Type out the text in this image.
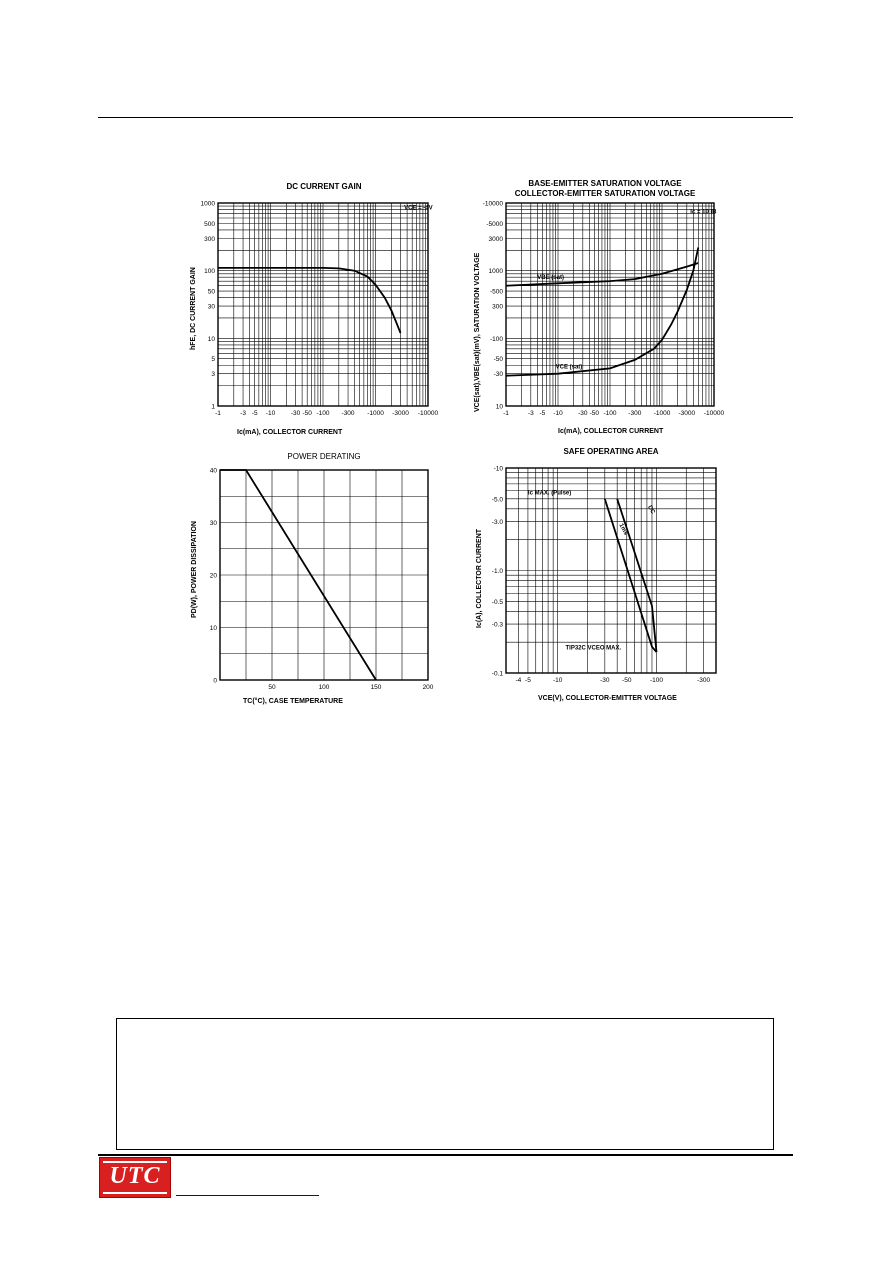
DC CURRENT GAIN
-1	-3 -5 -10 -30 -50 -100 -300 -1000 -3000 -10000
1000
500
300
100
50
30
10
5
3
1
VCE = -4V
hFE, DC CURRENT GAIN
Ic(mA), COLLECTOR CURRENT
BASE-EMITTER SATURATION VOLTAGE
COLLECTOR-EMITTER SATURATION VOLTAGE
-1	-3 -5 -10 -30 -50 -100 -300 -1000 -3000 -10000
-10000
-5000
3000
1000
-500
300
-100
-50
-30
10
Ic = 10 IB
VBE (sat)
VCE (sat)
VCE(sat),VBE(sat)(mV), SATURATION VOLTAGE
Ic(mA), COLLECTOR CURRENT
POWER DERATING
50	100	150	200
40
30
20
10
0
PD(W), POWER DISSIPATION
TC(°C), CASE TEMPERATURE
SAFE OPERATING AREA
-4 -5	-10	-30 -50	-100	-300
-10
-5.0
-3.0
-1.0
-0.5
-0.3
-0.1
Ic MAX. (Pulse)
1ms
DC
TIP32C VCEO MAX.
Ic(A), COLLECTOR CURRENT
VCE(V), COLLECTOR-EMITTER VOLTAGE
UTC
